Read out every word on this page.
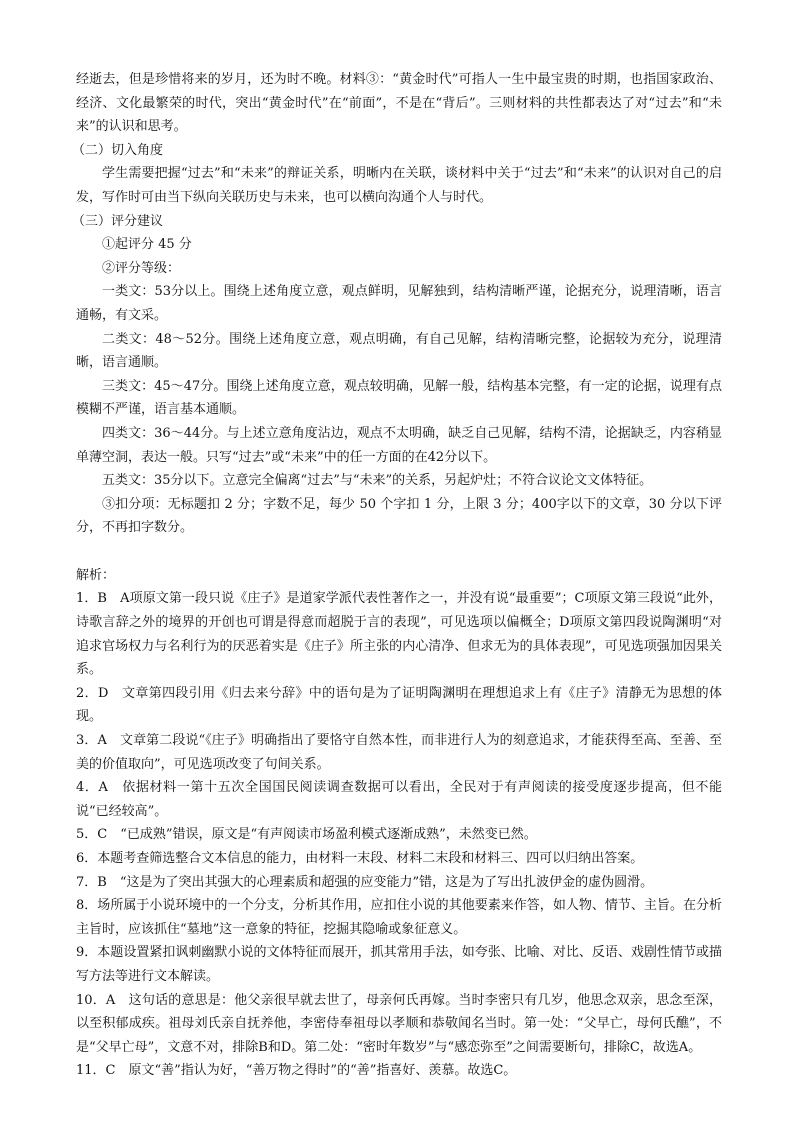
经逝去，但是珍惜将来的岁月，还为时不晚。材料③：“黄金时代”可指人一生中最宝贵的时期，也指国家政治、经济、文化最繁荣的时代，突出“黄金时代”在“前面”，不是在“背后”。三则材料的共性都表达了对“过去”和“未来”的认识和思考。

（二）切入角度

学生需要把握“过去”和“未来”的辩证关系，明晰内在关联，谈材料中关于“过去”和“未来”的认识对自己的启发，写作时可由当下纵向关联历史与未来，也可以横向沟通个人与时代。

（三）评分建议

①起评分 45 分

②评分等级：

一类文：53分以上。围绕上述角度立意，观点鲜明，见解独到，结构清晰严谨，论据充分，说理清晰，语言通畅，有文采。

二类文：48～52分。围绕上述角度立意，观点明确，有自己见解，结构清晰完整，论据较为充分，说理清晰，语言通顺。

三类文：45～47分。围绕上述角度立意，观点较明确，见解一般，结构基本完整，有一定的论据，说理有点模糊不严谨，语言基本通顺。

四类文：36～44分。与上述立意角度沾边，观点不太明确，缺乏自己见解，结构不清，论据缺乏，内容稍显单薄空洞，表达一般。只写“过去”或“未来”中的任一方面的在42分以下。

五类文：35分以下。立意完全偏离“过去”与“未来”的关系，另起炉灶；不符合议论文文体特征。

③扣分项：无标题扣 2 分；字数不足，每少 50 个字扣 1 分，上限 3 分；400字以下的文章，30 分以下评分，不再扣字数分。

解析：

1．B　A项原文第一段只说《庄子》是道家学派代表性著作之一，并没有说“最重要”；C项原文第三段说“此外，诗歌言辞之外的境界的开创也可谓是得意而超脱于言的表现”，可见选项以偏概全；D项原文第四段说陶渊明“对追求官场权力与名利行为的厌恶着实是《庄子》所主张的内心清净、但求无为的具体表现”，可见选项强加因果关系。

2．D　文章第四段引用《归去来兮辞》中的语句是为了证明陶渊明在理想追求上有《庄子》清静无为思想的体现。

3．A　文章第二段说“《庄子》明确指出了要恪守自然本性，而非进行人为的刻意追求，才能获得至高、至善、至美的价值取向”，可见选项改变了句间关系。

4．A　依据材料一第十五次全国国民阅读调查数据可以看出，全民对于有声阅读的接受度逐步提高，但不能说“已经较高”。

5．C　“已成熟”错误，原文是“有声阅读市场盈利模式逐渐成熟”，未然变已然。

6．本题考查筛选整合文本信息的能力，由材料一末段、材料二末段和材料三、四可以归纳出答案。

7．B　“这是为了突出其强大的心理素质和超强的应变能力”错，这是为了写出扎波伊金的虚伪圆滑。

8．场所属于小说环境中的一个分支，分析其作用，应扣住小说的其他要素来作答，如人物、情节、主旨。在分析主旨时，应该抓住“墓地”这一意象的特征，挖掘其隐喻或象征意义。

9．本题设置紧扣讽刺幽默小说的文体特征而展开，抓其常用手法，如夸张、比喻、对比、反语、戏剧性情节或描写方法等进行文本解读。

10．A　这句话的意思是：他父亲很早就去世了，母亲何氏再嫁。当时李密只有几岁，他思念双亲，思念至深，以至积郁成疾。祖母刘氏亲自抚养他，李密侍奉祖母以孝顺和恭敬闻名当时。第一处：“父早亡，母何氏醮”，不是“父早亡母”，文意不对，排除B和D。第二处：“密时年数岁”与“感恋弥至”之间需要断句，排除C，故选A。

11．C　原文“善”指认为好，“善万物之得时”的“善”指喜好、羡慕。故选C。
